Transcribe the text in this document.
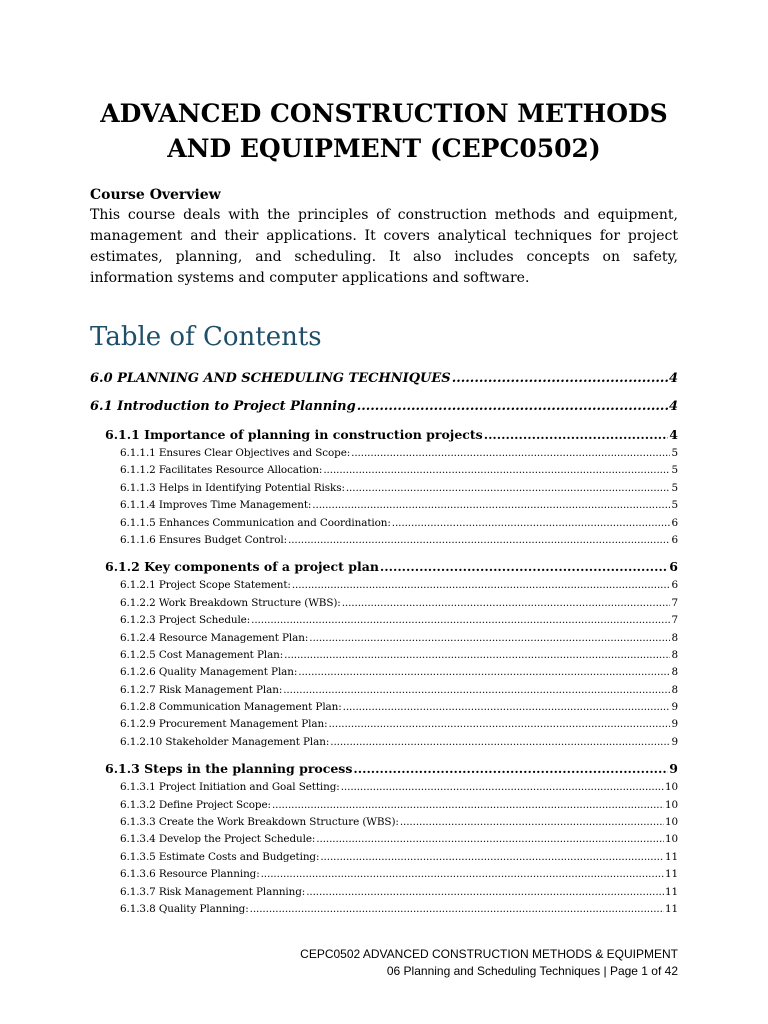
ADVANCED CONSTRUCTION METHODS AND EQUIPMENT (CEPC0502)
Course Overview
This course deals with the principles of construction methods and equipment, management and their applications. It covers analytical techniques for project estimates, planning, and scheduling. It also includes concepts on safety, information systems and computer applications and software.
Table of Contents
6.0 PLANNING AND SCHEDULING TECHNIQUES .....	4
6.1 Introduction to Project Planning .....	4
6.1.1 Importance of planning in construction projects .....	4
6.1.1.1 Ensures Clear Objectives and Scope: .....	5
6.1.1.2 Facilitates Resource Allocation: .....	5
6.1.1.3 Helps in Identifying Potential Risks: .....	5
6.1.1.4 Improves Time Management: .....	5
6.1.1.5 Enhances Communication and Coordination: .....	6
6.1.1.6 Ensures Budget Control: .....	6
6.1.2 Key components of a project plan .....	6
6.1.2.1 Project Scope Statement: .....	6
6.1.2.2 Work Breakdown Structure (WBS): .....	7
6.1.2.3 Project Schedule: .....	7
6.1.2.4 Resource Management Plan: .....	8
6.1.2.5 Cost Management Plan: .....	8
6.1.2.6 Quality Management Plan: .....	8
6.1.2.7 Risk Management Plan: .....	8
6.1.2.8 Communication Management Plan: .....	9
6.1.2.9 Procurement Management Plan: .....	9
6.1.2.10 Stakeholder Management Plan: .....	9
6.1.3 Steps in the planning process .....	9
6.1.3.1 Project Initiation and Goal Setting: .....	10
6.1.3.2 Define Project Scope: .....	10
6.1.3.3 Create the Work Breakdown Structure (WBS): .....	10
6.1.3.4 Develop the Project Schedule: .....	10
6.1.3.5 Estimate Costs and Budgeting: .....	11
6.1.3.6 Resource Planning: .....	11
6.1.3.7 Risk Management Planning: .....	11
6.1.3.8 Quality Planning: .....	11
CEPC0502 ADVANCED CONSTRUCTION METHODS & EQUIPMENT
06 Planning and Scheduling Techniques | Page 1 of 42
